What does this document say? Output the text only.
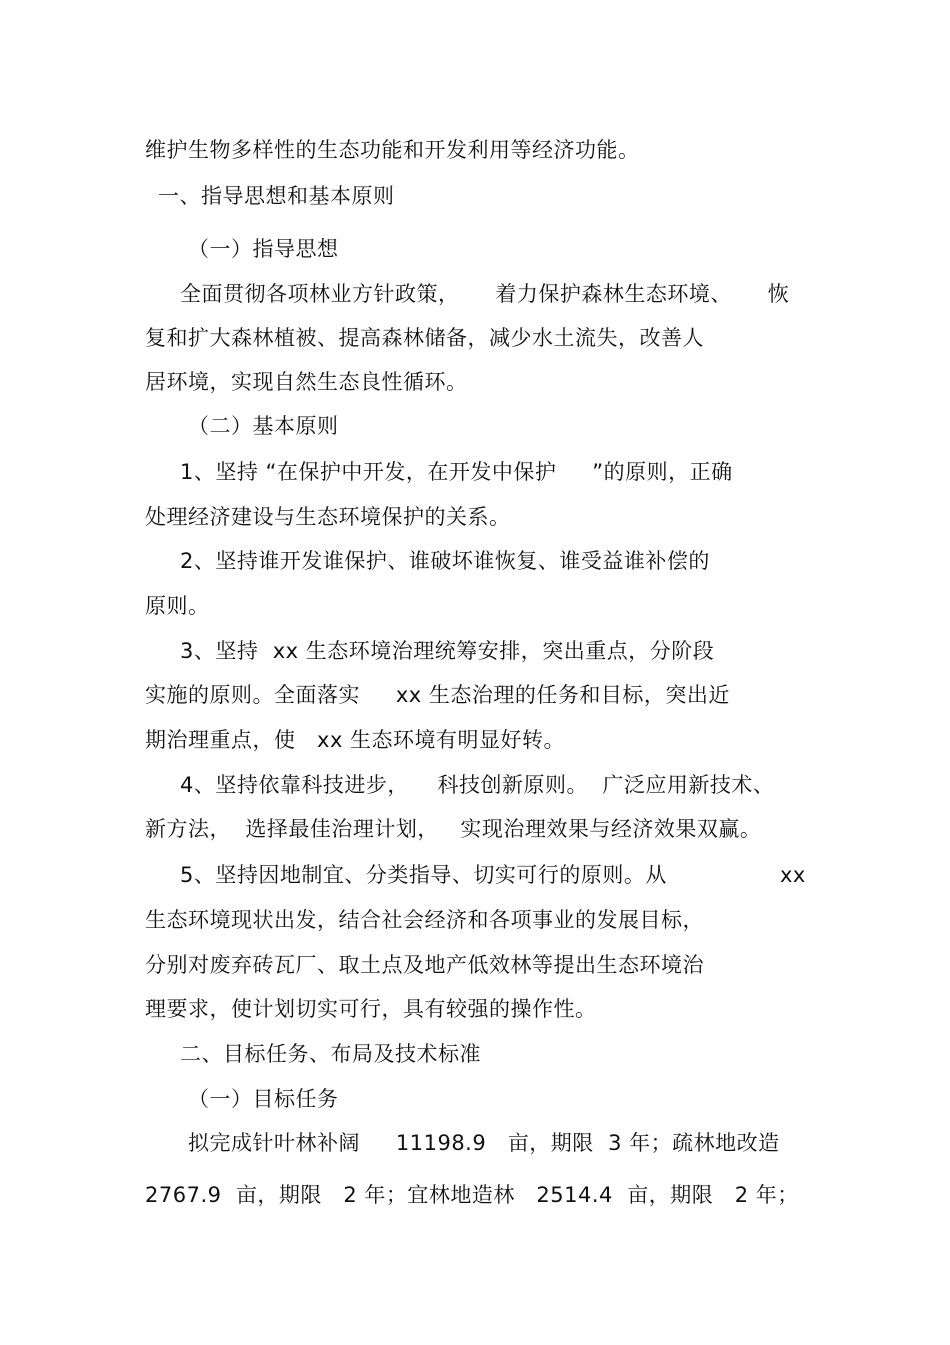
维护生物多样性的生态功能和开发利用等经济功能。
一、指导思想和基本原则
（一）指导思想
全面贯彻各项林业方针政策，     着力保护森林生态环境、     恢
复和扩大森林植被、提高森林储备，减少水土流失，改善人
居环境，实现自然生态良性循环。
（二）基本原则
1、坚持 “在保护中开发，在开发中保护     ”的原则，正确
处理经济建设与生态环境保护的关系。
2、坚持谁开发谁保护、谁破坏谁恢复、谁受益谁补偿的
原则。
3、坚持  xx 生态环境治理统筹安排，突出重点，分阶段
实施的原则。全面落实     xx 生态治理的任务和目标，突出近
期治理重点，使   xx 生态环境有明显好转。
4、坚持依靠科技进步，    科技创新原则。  广泛应用新技术、
新方法，  选择最佳治理计划，   实现治理效果与经济效果双赢。
5、坚持因地制宜、分类指导、切实可行的原则。从	xx
生态环境现状出发，结合社会经济和各项事业的发展目标，
分别对废弃砖瓦厂、取土点及地产低效林等提出生态环境治
理要求，使计划切实可行，具有较强的操作性。
二、目标任务、布局及技术标准
（一）目标任务
拟完成针叶林补阔     11198.9   亩，期限  3 年；疏林地改造
2767.9  亩，期限   2 年；宜林地造林   2514.4  亩，期限   2 年；
